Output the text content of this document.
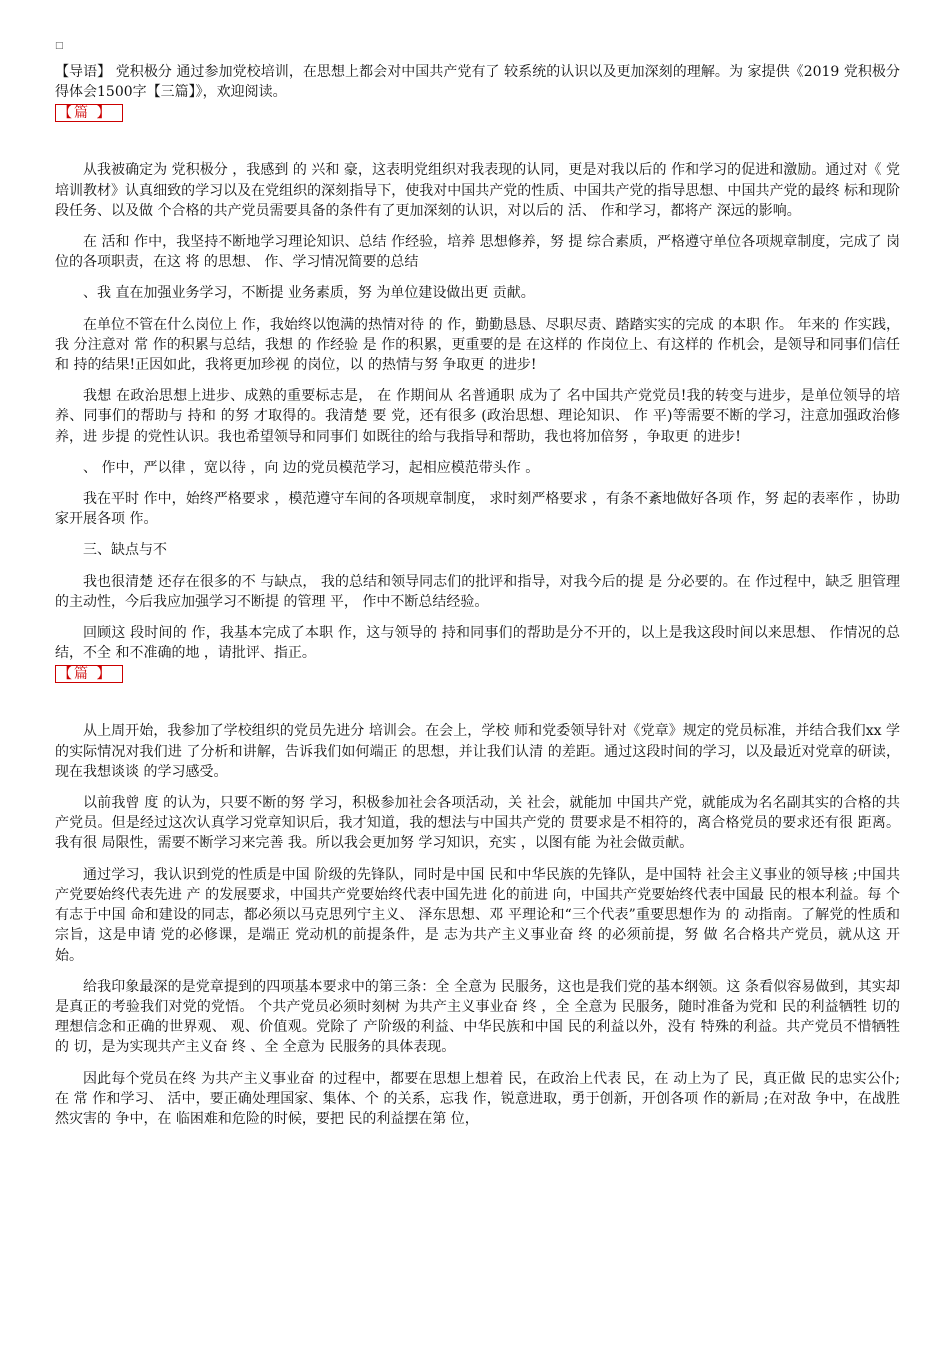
□

【导语】 党积极分 通过参加党校培训，在思想上都会对中国共产党有了 较系统的认识以及更加深刻的理解。为 家提供《2019 党积极分 得体会1500字【三篇】》，欢迎阅读。

【篇 】

从我被确定为 党积极分 ，我感到 的 兴和 豪，这表明党组织对我表现的认同，更是对我以后的 作和学习的促进和激励。通过对《 党培训教材》认真细致的学习以及在党组织的深刻指导下，使我对中国共产党的性质、中国共产党的指导思想、中国共产党的最终 标和现阶段任务、以及做 个合格的共产党员需要具备的条件有了更加深刻的认识，对以后的 活、 作和学习，都将产 深远的影响。

在 活和 作中，我坚持不断地学习理论知识、总结 作经验，培养 思想修养，努 提 综合素质，严格遵守单位各项规章制度，完成了 岗位的各项职责，在这 将 的思想、 作、学习情况简要的总结

、我 直在加强业务学习，不断提 业务素质，努 为单位建设做出更 贡献。

在单位不管在什么岗位上 作，我始终以饱满的热情对待 的 作，勤勤恳恳、尽职尽责、踏踏实实的完成 的本职 作。 年来的 作实践，我 分注意对 常 作的积累与总结，我想 的 作经验 是 作的积累，更重要的是 在这样的 作岗位上、有这样的 作机会，是领导和同事们信任和 持的结果!正因如此，我将更加珍视 的岗位，以 的热情与努 争取更 的进步!

我想 在政治思想上进步、成熟的重要标志是， 在 作期间从 名普通职 成为了 名中国共产党党员!我的转变与进步，是单位领导的培养、同事们的帮助与 持和 的努 才取得的。我清楚 要 党，还有很多 (政治思想、理论知识、 作 平)等需要不断的学习，注意加强政治修养，进 步提 的党性认识。我也希望领导和同事们 如既往的给与我指导和帮助，我也将加倍努 ，争取更 的进步!

、 作中，严以律 ，宽以待 ，向 边的党员模范学习，起相应模范带头作 。

我在平时 作中，始终严格要求 ，模范遵守车间的各项规章制度， 求时刻严格要求 ，有条不紊地做好各项 作，努 起的表率作 ，协助 家开展各项 作。

三、缺点与不

我也很清楚 还存在很多的不 与缺点， 我的总结和领导同志们的批评和指导，对我今后的提 是 分必要的。在 作过程中，缺乏 胆管理的主动性，今后我应加强学习不断提 的管理 平， 作中不断总结经验。

回顾这 段时间的 作，我基本完成了本职 作，这与领导的 持和同事们的帮助是分不开的，以上是我这段时间以来思想、 作情况的总结，不全 和不准确的地 ，请批评、指正。

【篇 】

从上周开始，我参加了学校组织的党员先进分 培训会。在会上，学校 师和党委领导针对《党章》规定的党员标准，并结合我们xx 学的实际情况对我们进 了分析和讲解，告诉我们如何端正 的思想，并让我们认清 的差距。通过这段时间的学习，以及最近对党章的研读，现在我想谈谈 的学习感受。

以前我曾 度 的认为，只要不断的努 学习，积极参加社会各项活动，关 社会，就能加 中国共产党，就能成为名名副其实的合格的共产党员。但是经过这次认真学习党章知识后，我才知道，我的想法与中国共产党的 贯要求是不相符的，离合格党员的要求还有很 距离。我有很 局限性，需要不断学习来完善 我。所以我会更加努 学习知识，充实 ，以图有能 为社会做贡献。

通过学习，我认识到党的性质是中国 阶级的先锋队，同时是中国 民和中华民族的先锋队，是中国特 社会主义事业的领导核 ;中国共产党要始终代表先进 产 的发展要求，中国共产党要始终代表中国先进 化的前进 向，中国共产党要始终代表中国最 民的根本利益。每 个有志于中国 命和建设的同志，都必须以马克思列宁主义、 泽东思想、邓 平理论和“三个代表”重要思想作为 的 动指南。了解党的性质和宗旨，这是申请 党的必修课，是端正 党动机的前提条件，是 志为共产主义事业奋 终 的必须前提，努 做 名合格共产党员，就从这 开始。

给我印象最深的是党章提到的四项基本要求中的第三条：全 全意为 民服务，这也是我们党的基本纲领。这 条看似容易做到，其实却是真正的考验我们对党的党悟。 个共产党员必须时刻树 为共产主义事业奋 终 ，全 全意为 民服务，随时准备为党和 民的利益牺牲 切的理想信念和正确的世界观、 观、价值观。党除了 产阶级的利益、中华民族和中国 民的利益以外，没有 特殊的利益。共产党员不惜牺牲 的 切，是为实现共产主义奋 终 、全 全意为 民服务的具体表现。

因此每个党员在终 为共产主义事业奋 的过程中，都要在思想上想着 民，在政治上代表 民，在 动上为了 民，真正做 民的忠实公仆;在 常 作和学习、 活中，要正确处理国家、集体、个 的关系，忘我 作，锐意进取，勇于创新，开创各项 作的新局 ;在对敌 争中，在战胜 然灾害的 争中，在 临困难和危险的时候，要把 民的利益摆在第 位，
